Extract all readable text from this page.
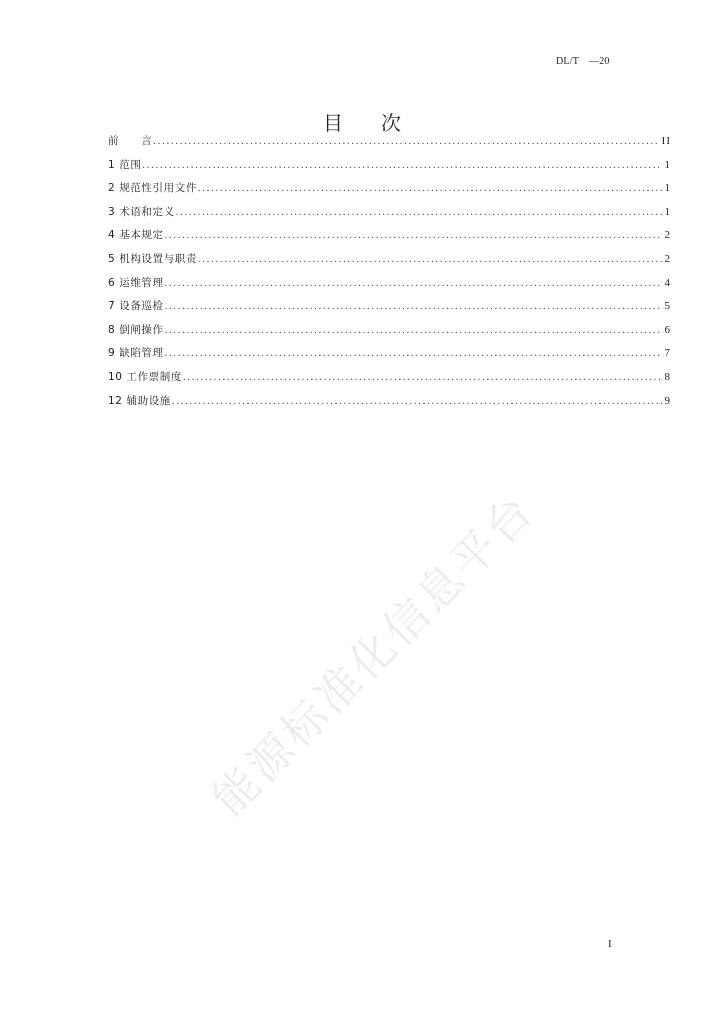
能源标准化信息平台
DL/T　—20
目次
前　　言 .....	II
1 范围 .....	1
2 规范性引用文件 .....	1
3 术语和定义 .....	1
4 基本规定 .....	2
5 机构设置与职责 .....	2
6 运维管理 .....	4
7 设备巡检 .....	5
8 倒闸操作 .....	6
9 缺陷管理 .....	7
10 工作票制度 .....	8
12 辅助设施 .....	9
I
